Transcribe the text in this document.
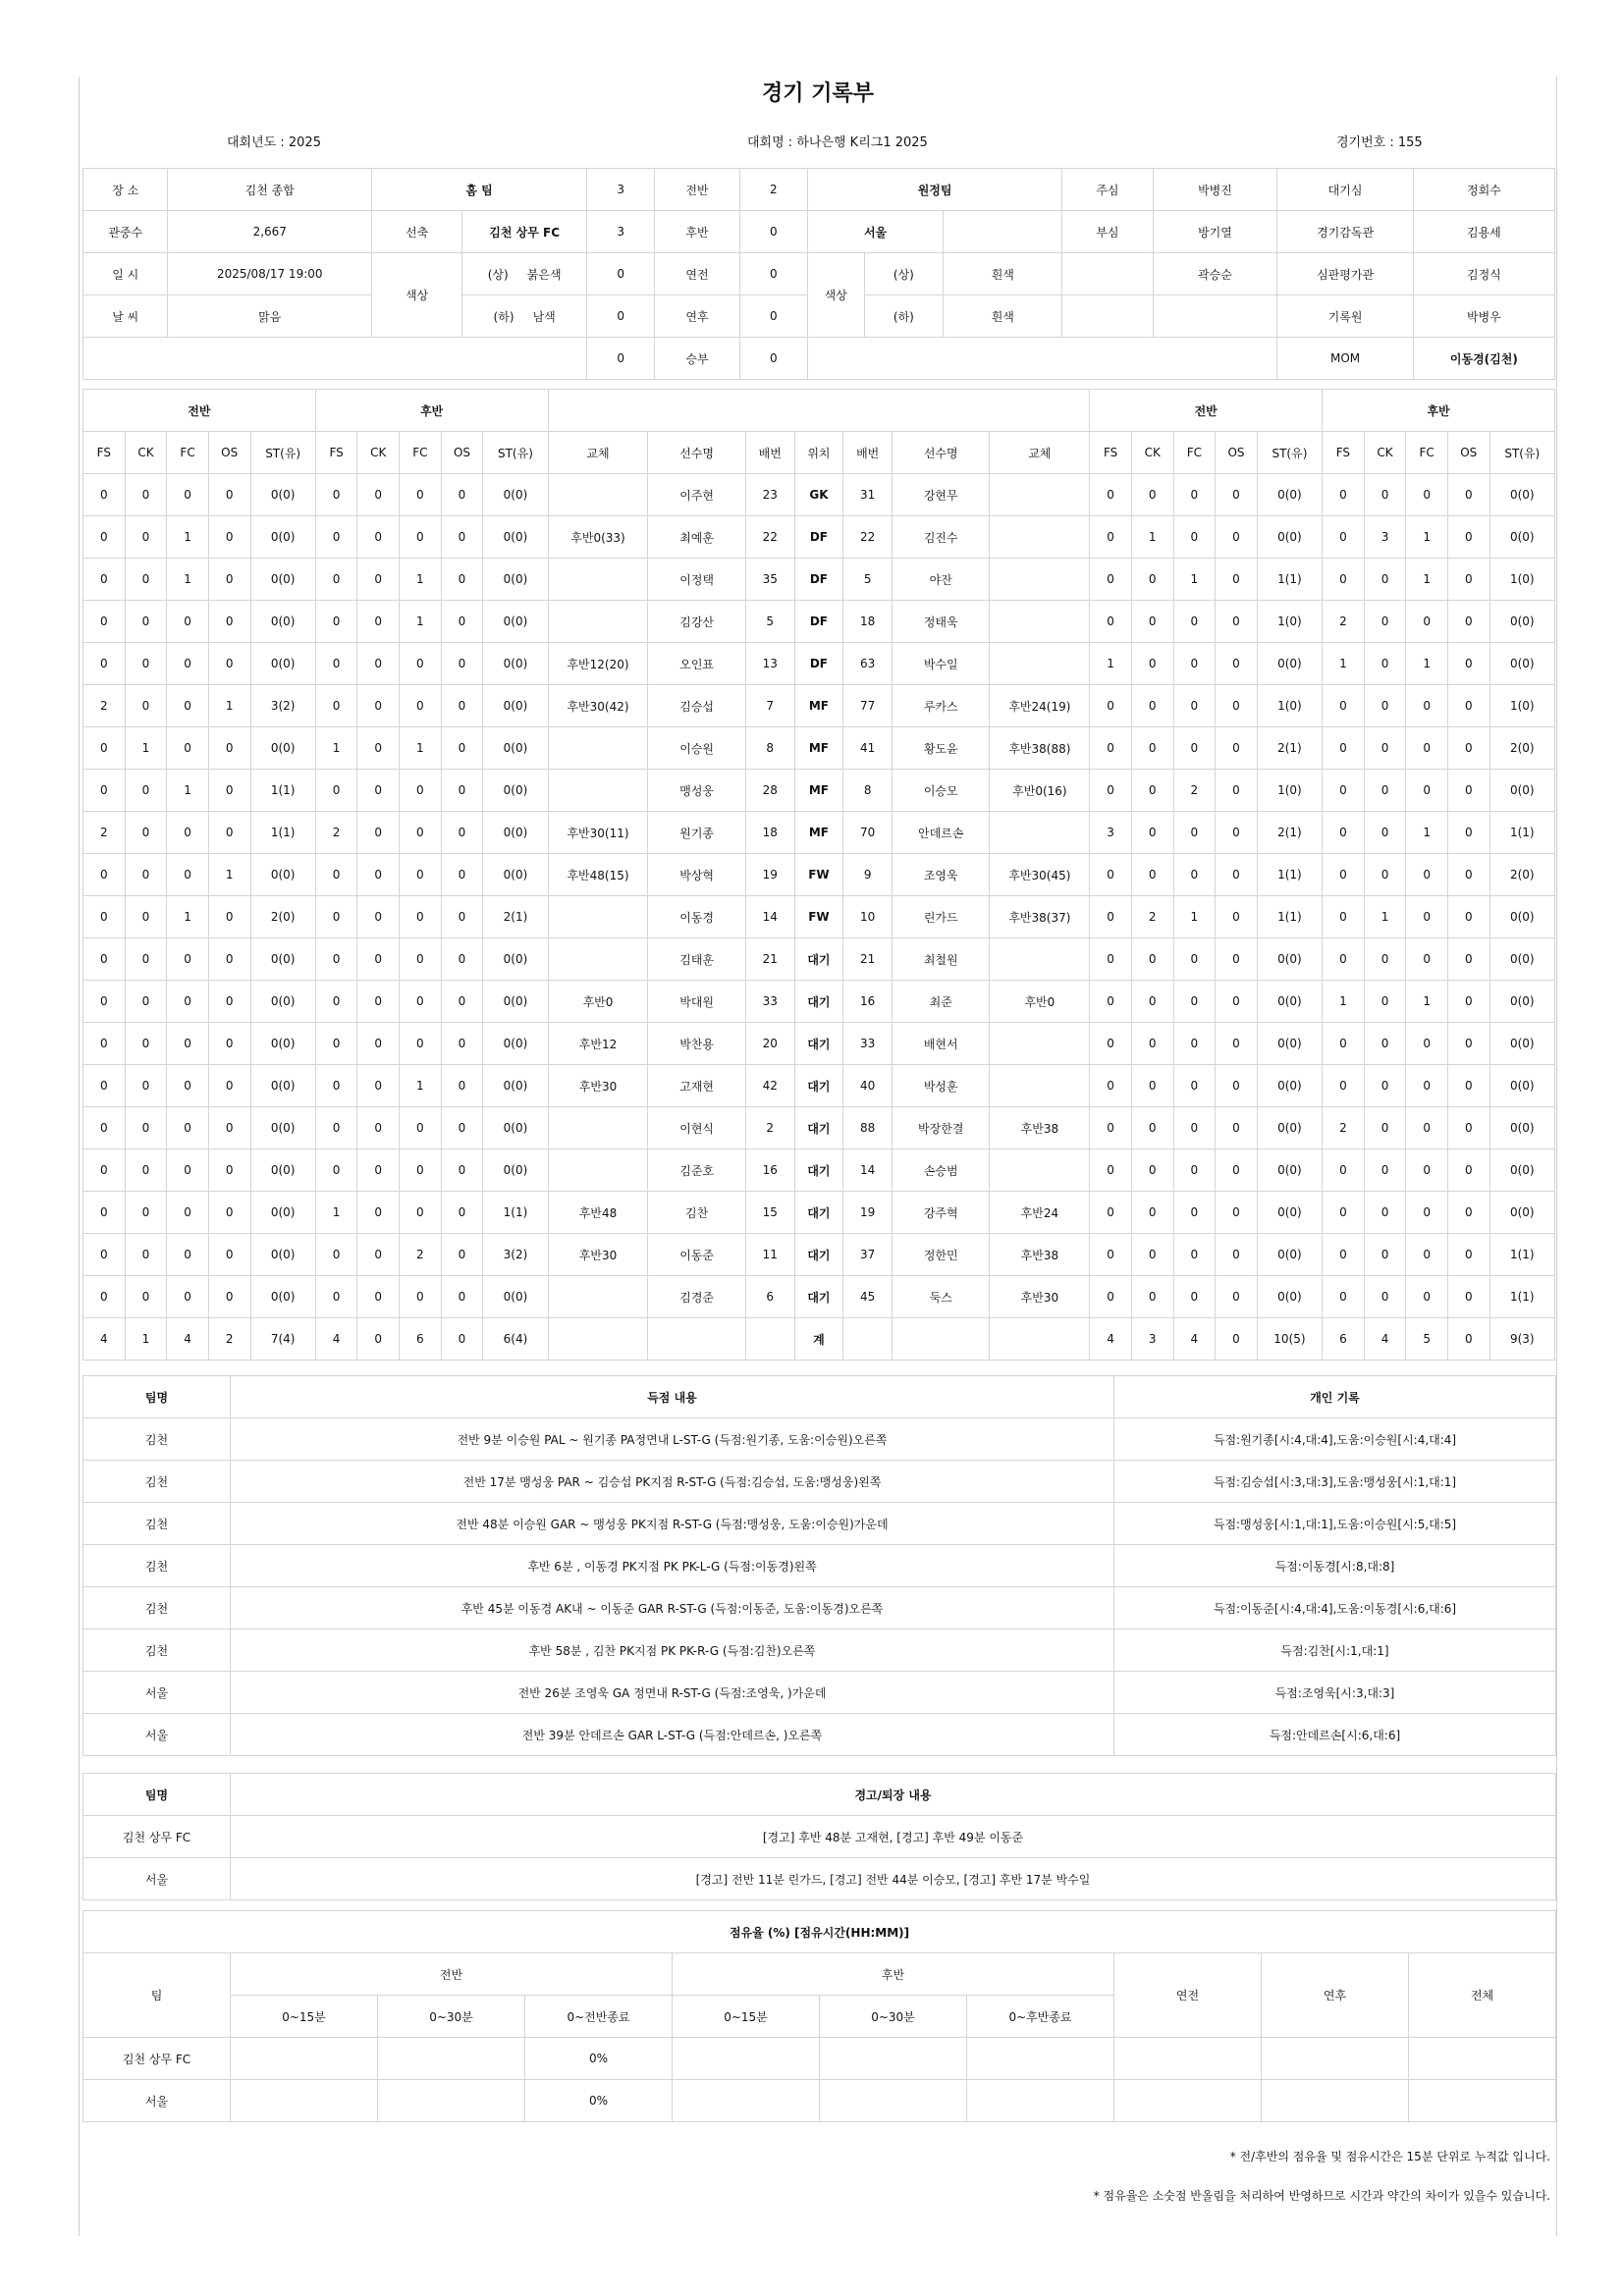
경기 기록부
대회년도 : 2025	대회명 : 하나은행 K리그1 2025	경기번호 : 155
장 소	김천 종합	홈 팀		3	전반	2	원정팀			주심	박병진	대기심	정회수
관중수	2,667	선축	김천 상무 FC	3	후반	0	서울			부심	방기열	경기감독관	김용세
일 시	2025/08/17 19:00	색상	(상) 붉은색	0	연전	0	색상	(상)	흰색		곽승순	심판평가관	김정식
날 씨	맑음		(하) 남색	0	연후	0		(하)	흰색			기록원	박병우
				0	승부	0						MOM	이동경(김천)
전반					후반												전반					후반				
FS	CK	FC	OS	ST(유)	FS	CK	FC	OS	ST(유)	교체	선수명	배번	위치	배번	선수명	교체	FS	CK	FC	OS	ST(유)	FS	CK	FC	OS	ST(유)
0	0	0	0	0(0)	0	0	0	0	0(0)		이주현	23	GK	31	강현무		0	0	0	0	0(0)	0	0	0	0	0(0)
0	0	1	0	0(0)	0	0	0	0	0(0)	후반0(33)	최예훈	22	DF	22	김진수		0	1	0	0	0(0)	0	3	1	0	0(0)
0	0	1	0	0(0)	0	0	1	0	0(0)		이정택	35	DF	5	야잔		0	0	1	0	1(1)	0	0	1	0	1(0)
0	0	0	0	0(0)	0	0	1	0	0(0)		김강산	5	DF	18	정태욱		0	0	0	0	1(0)	2	0	0	0	0(0)
0	0	0	0	0(0)	0	0	0	0	0(0)	후반12(20)	오인표	13	DF	63	박수일		1	0	0	0	0(0)	1	0	1	0	0(0)
2	0	0	1	3(2)	0	0	0	0	0(0)	후반30(42)	김승섭	7	MF	77	루카스	후반24(19)	0	0	0	0	1(0)	0	0	0	0	1(0)
0	1	0	0	0(0)	1	0	1	0	0(0)		이승원	8	MF	41	황도윤	후반38(88)	0	0	0	0	2(1)	0	0	0	0	2(0)
0	0	1	0	1(1)	0	0	0	0	0(0)		맹성웅	28	MF	8	이승모	후반0(16)	0	0	2	0	1(0)	0	0	0	0	0(0)
2	0	0	0	1(1)	2	0	0	0	0(0)	후반30(11)	원기종	18	MF	70	안데르손		3	0	0	0	2(1)	0	0	1	0	1(1)
0	0	0	1	0(0)	0	0	0	0	0(0)	후반48(15)	박상혁	19	FW	9	조영욱	후반30(45)	0	0	0	0	1(1)	0	0	0	0	2(0)
0	0	1	0	2(0)	0	0	0	0	2(1)		이동경	14	FW	10	린가드	후반38(37)	0	2	1	0	1(1)	0	1	0	0	0(0)
0	0	0	0	0(0)	0	0	0	0	0(0)		김태훈	21	대기	21	최철원		0	0	0	0	0(0)	0	0	0	0	0(0)
0	0	0	0	0(0)	0	0	0	0	0(0)	후반0	박대원	33	대기	16	최준	후반0	0	0	0	0	0(0)	1	0	1	0	0(0)
0	0	0	0	0(0)	0	0	0	0	0(0)	후반12	박찬용	20	대기	33	배현서		0	0	0	0	0(0)	0	0	0	0	0(0)
0	0	0	0	0(0)	0	0	1	0	0(0)	후반30	고재현	42	대기	40	박성훈		0	0	0	0	0(0)	0	0	0	0	0(0)
0	0	0	0	0(0)	0	0	0	0	0(0)		이현식	2	대기	88	박장한결	후반38	0	0	0	0	0(0)	2	0	0	0	0(0)
0	0	0	0	0(0)	0	0	0	0	0(0)		김준호	16	대기	14	손승범		0	0	0	0	0(0)	0	0	0	0	0(0)
0	0	0	0	0(0)	1	0	0	0	1(1)	후반48	김찬	15	대기	19	강주혁	후반24	0	0	0	0	0(0)	0	0	0	0	0(0)
0	0	0	0	0(0)	0	0	2	0	3(2)	후반30	이동준	11	대기	37	정한민	후반38	0	0	0	0	0(0)	0	0	0	0	1(1)
0	0	0	0	0(0)	0	0	0	0	0(0)		김경준	6	대기	45	둑스	후반30	0	0	0	0	0(0)	0	0	0	0	1(1)
4	1	4	2	7(4)	4	0	6	0	6(4)				계				4	3	4	0	10(5)	6	4	5	0	9(3)
팀명	득점 내용	개인 기록
김천	전반 9분 이승원 PAL ~ 원기종 PA정면내 L-ST-G (득점:원기종, 도움:이승원)오른쪽	득점:원기종[시:4,대:4],도움:이승원[시:4,대:4]
김천	전반 17분 맹성웅 PAR ~ 김승섭 PK지점 R-ST-G (득점:김승섭, 도움:맹성웅)왼쪽	득점:김승섭[시:3,대:3],도움:맹성웅[시:1,대:1]
김천	전반 48분 이승원 GAR ~ 맹성웅 PK지점 R-ST-G (득점:맹성웅, 도움:이승원)가운데	득점:맹성웅[시:1,대:1],도움:이승원[시:5,대:5]
김천	후반 6분 , 이동경 PK지점 PK PK-L-G (득점:이동경)왼쪽	득점:이동경[시:8,대:8]
김천	후반 45분 이동경 AK내 ~ 이동준 GAR R-ST-G (득점:이동준, 도움:이동경)오른쪽	득점:이동준[시:4,대:4],도움:이동경[시:6,대:6]
김천	후반 58분 , 김찬 PK지점 PK PK-R-G (득점:김찬)오른쪽	득점:김찬[시:1,대:1]
서울	전반 26분 조영욱 GA 정면내 R-ST-G (득점:조영욱, )가운데	득점:조영욱[시:3,대:3]
서울	전반 39분 안데르손 GAR L-ST-G (득점:안데르손, )오른쪽	득점:안데르손[시:6,대:6]
팀명	경고/퇴장 내용
김천 상무 FC	[경고] 후반 48분 고재현, [경고] 후반 49분 이동준
서울	[경고] 전반 11분 린가드, [경고] 전반 44분 이승모, [경고] 후반 17분 박수일
점유율 (%) [점유시간(HH:MM)]									
팀	전반			후반			연전	연후	전체
	0~15분	0~30분	0~전반종료	0~15분	0~30분	0~후반종료			
김천 상무 FC			0%						
서울			0%						
* 전/후반의 점유율 및 점유시간은 15분 단위로 누적값 입니다.
* 점유율은 소숫점 반올림을 처리하여 반영하므로 시간과 약간의 차이가 있을수 있습니다.
